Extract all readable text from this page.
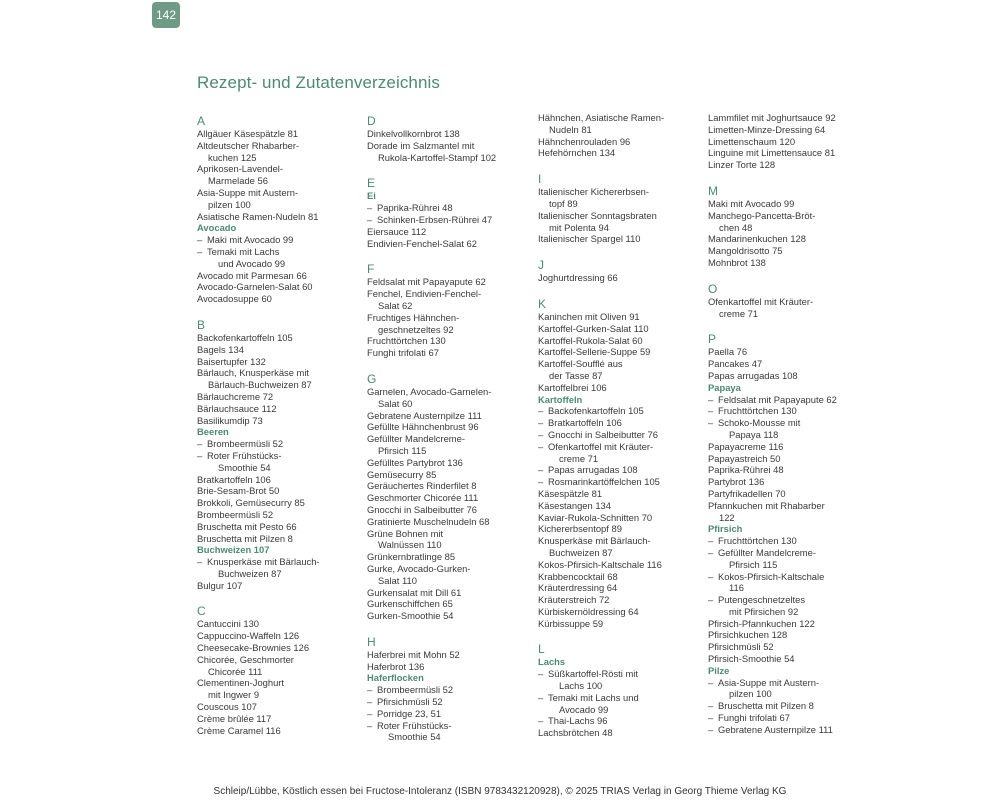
142
Rezept- und Zutatenverzeichnis
A
Allgäuer Käsespätzle 81
Altdeutscher Rhabarber-
kuchen 125
Aprikosen-Lavendel-
Marmelade 56
Asia-Suppe mit Austern-
pilzen 100
Asiatische Ramen-Nudeln 81
Avocado
– Maki mit Avocado 99
– Temaki mit Lachs
und Avocado 99
Avocado mit Parmesan 66
Avocado-Garnelen-Salat 60
Avocadosuppe 60
B
Backofenkartoffeln 105
Bagels 134
Baisertupfer 132
Bärlauch, Knusperkäse mit
Bärlauch-Buchweizen 87
Bärlauchcreme 72
Bärlauchsauce 112
Basilikumdip 73
Beeren
– Brombeermüsli 52
– Roter Frühstücks-
Smoothie 54
Bratkartoffeln 106
Brie-Sesam-Brot 50
Brokkoli, Gemüsecurry 85
Brombeermüsli 52
Bruschetta mit Pesto 66
Bruschetta mit Pilzen 8
Buchweizen 107
– Knusperkäse mit Bärlauch-
Buchweizen 87
Bulgur 107
C
Cantuccini 130
Cappuccino-Waffeln 126
Cheesecake-Brownies 126
Chicorée, Geschmorter
Chicorée 111
Clementinen-Joghurt
mit Ingwer 9
Couscous 107
Crème brûlée 117
Crème Caramel 116
D
Dinkelvollkornbrot 138
Dorade im Salzmantel mit
Rukola-Kartoffel-Stampf 102
E
Ei
– Paprika-Rührei 48
– Schinken-Erbsen-Rührei 47
Eiersauce 112
Endivien-Fenchel-Salat 62
F
Feldsalat mit Papayapute 62
Fenchel, Endivien-Fenchel-
Salat 62
Fruchtiges Hähnchen-
geschnetzeltes 92
Fruchttörtchen 130
Funghi trifolati 67
G
Garnelen, Avocado-Garnelen-
Salat 60
Gebratene Austernpilze 111
Gefüllte Hähnchenbrust 96
Gefüllter Mandelcreme-
Pfirsich 115
Gefülltes Partybrot 136
Gemüsecurry 85
Geräuchertes Rinderfilet 8
Geschmorter Chicorée 111
Gnocchi in Salbeibutter 76
Gratinierte Muschelnudeln 68
Grüne Bohnen mit
Walnüssen 110
Grünkernbratlinge 85
Gurke, Avocado-Gurken-
Salat 110
Gurkensalat mit Dill 61
Gurkenschiffchen 65
Gurken-Smoothie 54
H
Haferbrei mit Mohn 52
Haferbrot 136
Haferflocken
– Brombeermüsli 52
– Pfirsichmüsli 52
– Porridge 23, 51
– Roter Frühstücks-
Smoothie 54
Hähnchen, Asiatische Ramen-
Nudeln 81
Hähnchenrouladen 96
Hefehörnchen 134
I
Italienischer Kichererbsen-
topf 89
Italienischer Sonntagsbraten
mit Polenta 94
Italienischer Spargel 110
J
Joghurtdressing 66
K
Kaninchen mit Oliven 91
Kartoffel-Gurken-Salat 110
Kartoffel-Rukola-Salat 60
Kartoffel-Sellerie-Suppe 59
Kartoffel-Soufflé aus
der Tasse 87
Kartoffelbrei 106
Kartoffeln
– Backofenkartoffeln 105
– Bratkartoffeln 106
– Gnocchi in Salbeibutter 76
– Ofenkartoffel mit Kräuter-
creme 71
– Papas arrugadas 108
– Rosmarinkartöffelchen 105
Käsespätzle 81
Käsestangen 134
Kaviar-Rukola-Schnitten 70
Kichererbsentopf 89
Knusperkäse mit Bärlauch-
Buchweizen 87
Kokos-Pfirsich-Kaltschale 116
Krabbencocktail 68
Kräuterdressing 64
Kräuterstreich 72
Kürbiskernöldressing 64
Kürbissuppe 59
L
Lachs
– Süßkartoffel-Rösti mit
Lachs 100
– Temaki mit Lachs und
Avocado 99
– Thai-Lachs 96
Lachsbrötchen 48
Lammfilet mit Joghurtsauce 92
Limetten-Minze-Dressing 64
Limettenschaum 120
Linguine mit Limettensauce 81
Linzer Torte 128
M
Maki mit Avocado 99
Manchego-Pancetta-Bröt-
chen 48
Mandarinenkuchen 128
Mangoldrisotto 75
Mohnbrot 138
O
Ofenkartoffel mit Kräuter-
creme 71
P
Paella 76
Pancakes 47
Papas arrugadas 108
Papaya
– Feldsalat mit Papayapute 62
– Fruchttörtchen 130
– Schoko-Mousse mit
Papaya 118
Papayacreme 116
Papayastreich 50
Paprika-Rührei 48
Partybrot 136
Partyfrikadellen 70
Pfannkuchen mit Rhabarber
122
Pfirsich
– Fruchttörtchen 130
– Gefüllter Mandelcreme-
Pfirsich 115
– Kokos-Pfirsich-Kaltschale
116
– Putengeschnetzeltes
mit Pfirsichen 92
Pfirsich-Pfannkuchen 122
Pfirsichkuchen 128
Pfirsichmüsli 52
Pfirsich-Smoothie 54
Pilze
– Asia-Suppe mit Austern-
pilzen 100
– Bruschetta mit Pilzen 8
– Funghi trifolati 67
– Gebratene Austernpilze 111
Schleip/Lübbe, Köstlich essen bei Fructose-Intoleranz (ISBN 9783432120928), © 2025 TRIAS Verlag in Georg Thieme Verlag KG
